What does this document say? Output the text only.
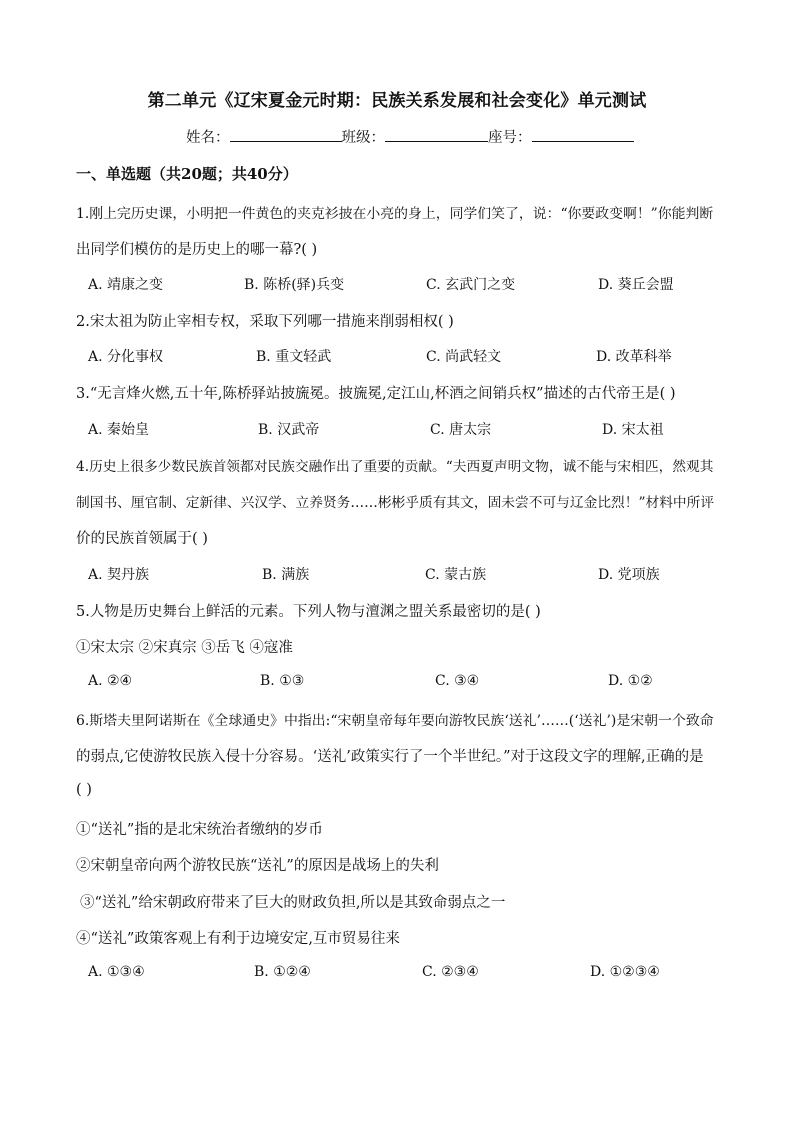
第二单元《辽宋夏金元时期：民族关系发展和社会变化》单元测试
姓名：	班级：	座号：
一、单选题（共20题；共40分）
1.刚上完历史课，小明把一件黄色的夹克衫披在小亮的身上，同学们笑了，说：“你要政变啊！”你能判断
出同学们模仿的是历史上的哪一幕?( )
A. 靖康之变	B. 陈桥(驿)兵变	C. 玄武门之变	D. 葵丘会盟
2.宋太祖为防止宰相专权，采取下列哪一措施来削弱相权( )
A. 分化事权	B. 重文轻武	C. 尚武轻文	D. 改革科举
3.“无言烽火燃,五十年,陈桥驿站披旒冕。披旒冕,定江山,杯酒之间销兵权”描述的古代帝王是( )
A. 秦始皇	B. 汉武帝	C. 唐太宗	D. 宋太祖
4.历史上很多少数民族首领都对民族交融作出了重要的贡献。“夫西夏声明文物，诚不能与宋相匹，然观其
制国书、厘官制、定新律、兴汉学、立养贤务……彬彬乎质有其文，固未尝不可与辽金比烈！”材料中所评
价的民族首领属于( )
A. 契丹族	B. 满族	C. 蒙古族	D. 党项族
5.人物是历史舞台上鲜活的元素。下列人物与澶渊之盟关系最密切的是( )
①宋太宗 ②宋真宗 ③岳飞 ④寇准
A. ②④	B. ①③	C. ③④	D. ①②
6.斯塔夫里阿诺斯在《全球通史》中指出:“宋朝皇帝每年要向游牧民族‘送礼’……(‘送礼’)是宋朝一个致命
的弱点,它使游牧民族入侵十分容易。‘送礼’政策实行了一个半世纪。”对于这段文字的理解,正确的是
( )
①“送礼”指的是北宋统治者缴纳的岁币
②宋朝皇帝向两个游牧民族“送礼”的原因是战场上的失利
③“送礼”给宋朝政府带来了巨大的财政负担,所以是其致命弱点之一
④“送礼”政策客观上有利于边境安定,互市贸易往来
A. ①③④	B. ①②④	C. ②③④	D. ①②③④
